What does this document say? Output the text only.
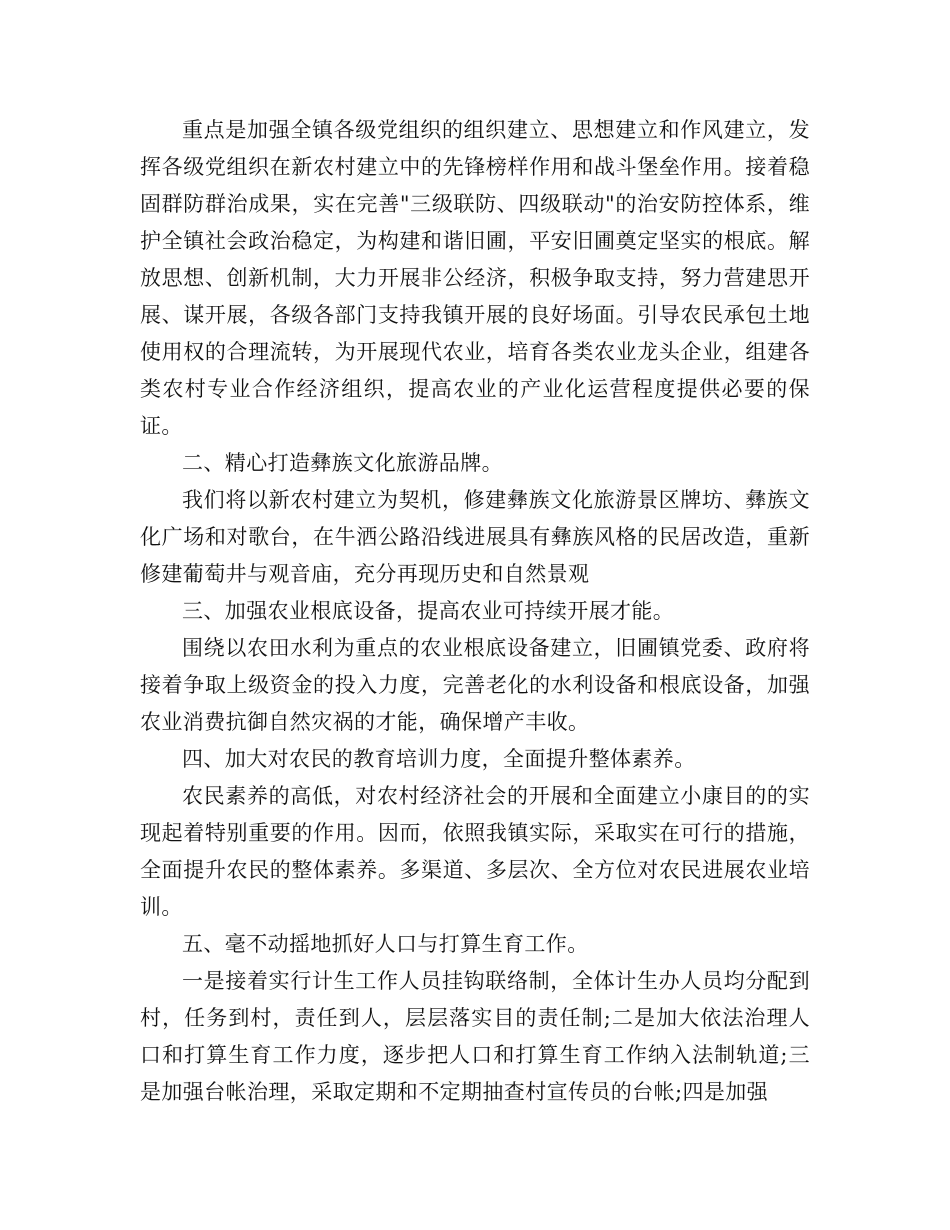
重点是加强全镇各级党组织的组织建立、思想建立和作风建立，发挥各级党组织在新农村建立中的先锋榜样作用和战斗堡垒作用。接着稳固群防群治成果，实在完善"三级联防、四级联动"的治安防控体系，维护全镇社会政治稳定，为构建和谐旧圃，平安旧圃奠定坚实的根底。解放思想、创新机制，大力开展非公经济，积极争取支持，努力营建思开展、谋开展，各级各部门支持我镇开展的良好场面。引导农民承包土地使用权的合理流转，为开展现代农业，培育各类农业龙头企业，组建各类农村专业合作经济组织，提高农业的产业化运营程度提供必要的保证。

二、精心打造彝族文化旅游品牌。

我们将以新农村建立为契机，修建彝族文化旅游景区牌坊、彝族文化广场和对歌台，在牛洒公路沿线进展具有彝族风格的民居改造，重新修建葡萄井与观音庙，充分再现历史和自然景观

三、加强农业根底设备，提高农业可持续开展才能。

围绕以农田水利为重点的农业根底设备建立，旧圃镇党委、政府将接着争取上级资金的投入力度，完善老化的水利设备和根底设备，加强农业消费抗御自然灾祸的才能，确保增产丰收。

四、加大对农民的教育培训力度，全面提升整体素养。

农民素养的高低，对农村经济社会的开展和全面建立小康目的的实现起着特别重要的作用。因而，依照我镇实际，采取实在可行的措施，全面提升农民的整体素养。多渠道、多层次、全方位对农民进展农业培训。

五、毫不动摇地抓好人口与打算生育工作。

一是接着实行计生工作人员挂钩联络制，全体计生办人员均分配到村，任务到村，责任到人，层层落实目的责任制;二是加大依法治理人口和打算生育工作力度，逐步把人口和打算生育工作纳入法制轨道;三是加强台帐治理，采取定期和不定期抽查村宣传员的台帐;四是加强
